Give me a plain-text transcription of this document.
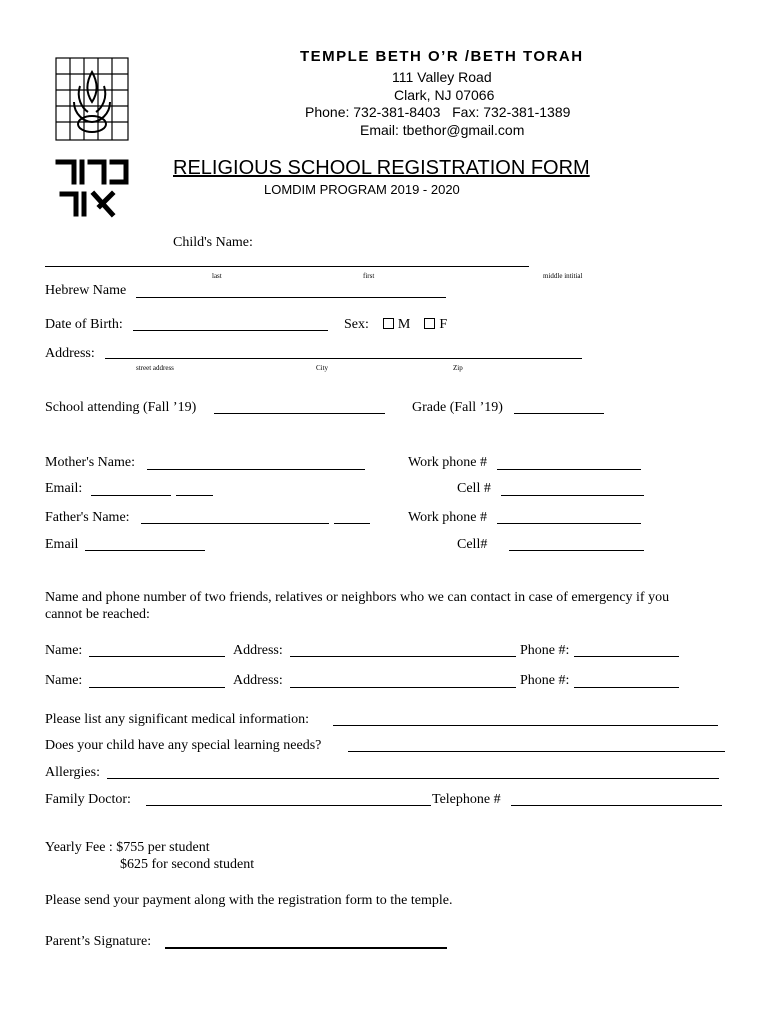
TEMPLE BETH O’R /BETH TORAH
111 Valley Road
Clark, NJ 07066
Phone: 732-381-8403   Fax: 732-381-1389
Email: tbethor@gmail.com
RELIGIOUS SCHOOL REGISTRATION FORM
LOMDIM PROGRAM 2019 - 2020
Child's Name:
last	first	middle intitial
Hebrew Name
Date of Birth:	Sex: M F
Address:
street address	City	Zip
School attending (Fall ’19)	Grade (Fall ’19)
Mother's Name:	Work phone #
Email:	Cell #
Father's Name:	Work phone #
Email	Cell#
Name and phone number of two friends, relatives or neighbors who we can contact in case of emergency if you
cannot be reached:
Name:	Address:	Phone #:
Name:	Address:	Phone #:
Please list any significant medical information:
Does your child have any special learning needs?
Allergies:
Family Doctor:	Telephone #
Yearly Fee : $755 per student
$625 for second student
Please send your payment along with the registration form to the temple.
Parent’s Signature:
